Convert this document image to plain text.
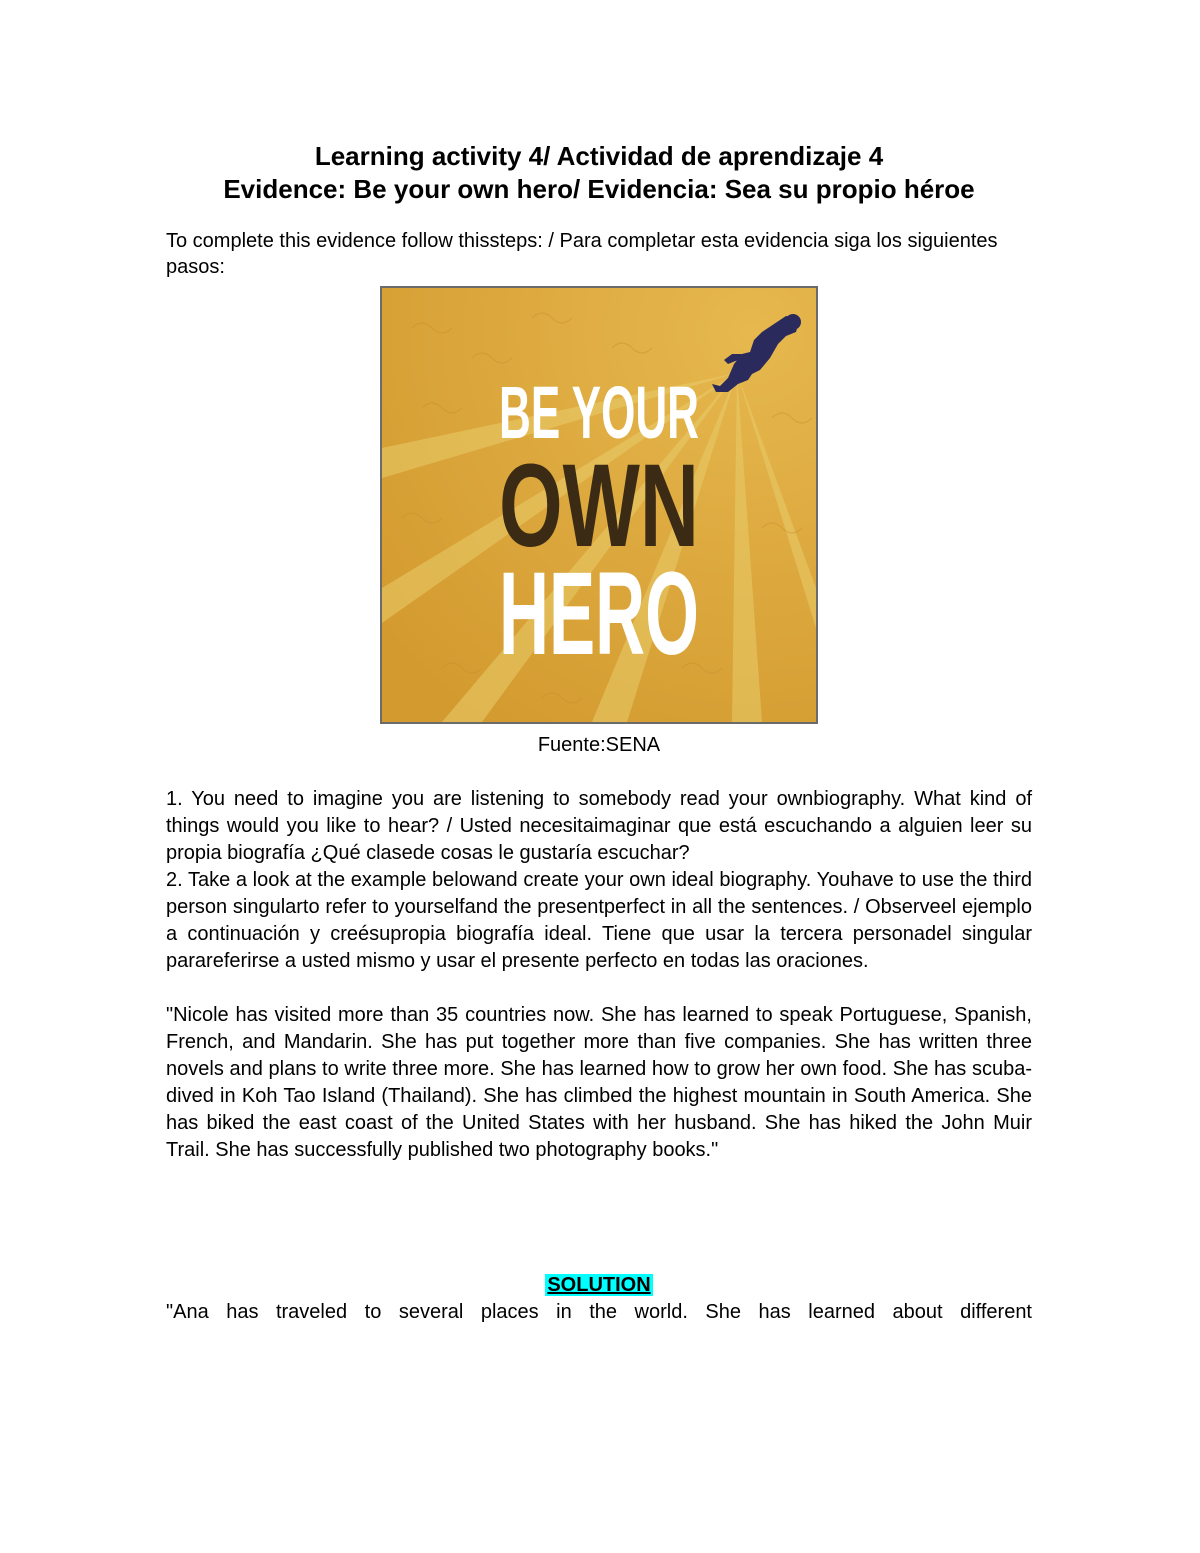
Learning activity 4/ Actividad de aprendizaje 4
Evidence: Be your own hero/ Evidencia: Sea su propio héroe

To complete this evidence follow thissteps: / Para completar esta evidencia siga los siguientes pasos:

BE YOUR
OWN
HERO

Fuente:SENA

1. You need to imagine you are listening to somebody read your ownbiography. What kind of things would you like to hear? / Usted necesitaimaginar que está escuchando a alguien leer su propia biografía ¿Qué clasede cosas le gustaría escuchar?

2. Take a look at the example belowand create your own ideal biography. Youhave to use the third person singularto refer to yourselfand the presentperfect in all the sentences. / Observeel ejemplo a continuación y creésupropia biografía ideal. Tiene que usar la tercera personadel singular parareferirse a usted mismo y usar el presente perfecto en todas las oraciones.

"Nicole has visited more than 35 countries now. She has learned to speak Portuguese, Spanish, French, and Mandarin. She has put together more than five companies. She has written three novels and plans to write three more. She has learned how to grow her own food. She has scuba-dived in Koh Tao Island (Thailand). She has climbed the highest mountain in South America. She has biked the east coast of the United States with her husband. She has hiked the John Muir Trail. She has successfully published two photography books."

SOLUTION

"Ana has traveled to several places in the world. She has learned about different
